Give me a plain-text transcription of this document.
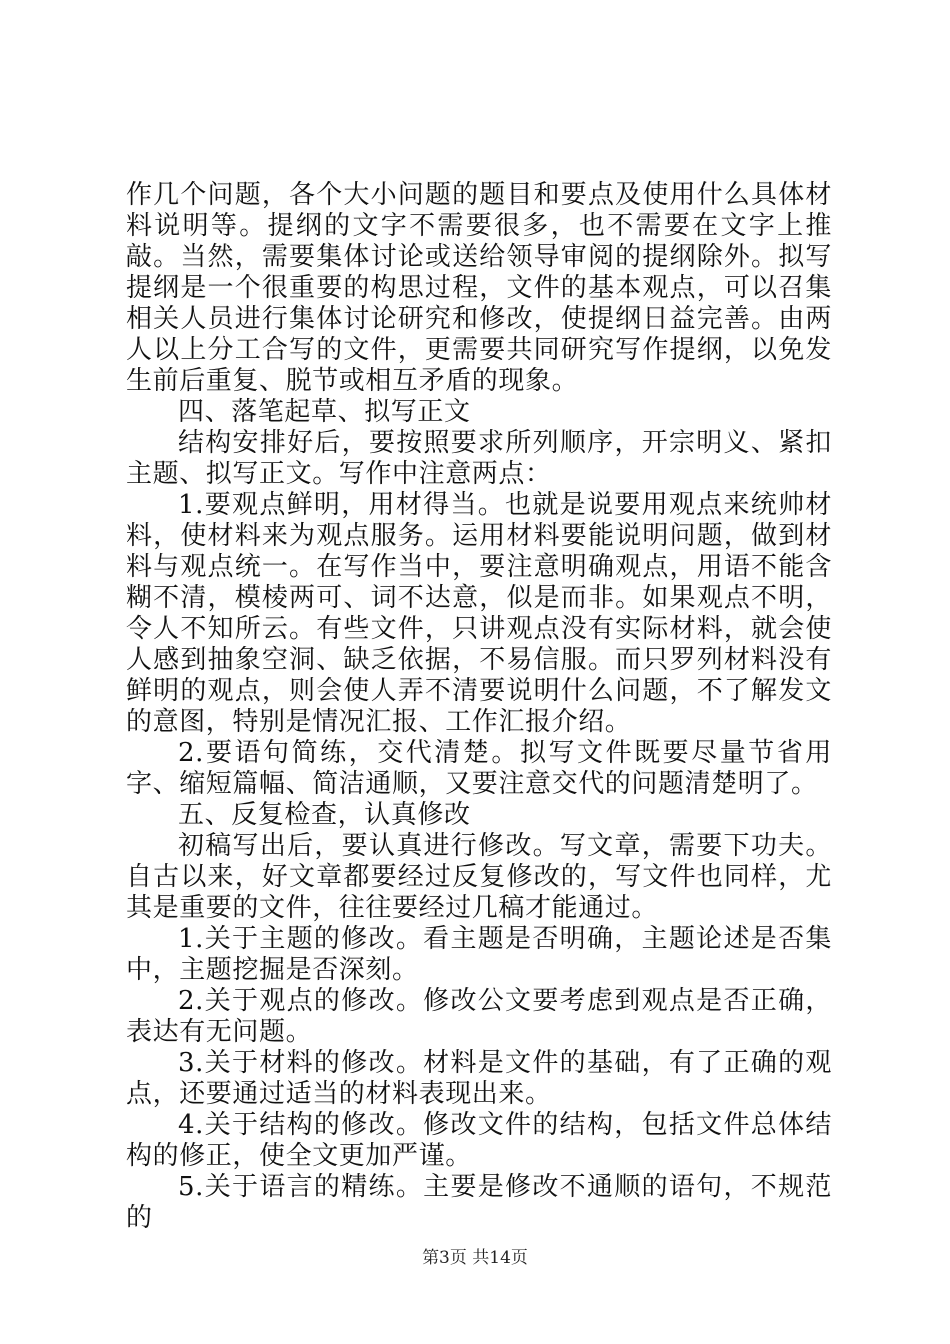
作几个问题，各个大小问题的题目和要点及使用什么具体材料说明等。提纲的文字不需要很多，也不需要在文字上推敲。当然，需要集体讨论或送给领导审阅的提纲除外。拟写提纲是一个很重要的构思过程，文件的基本观点，可以召集相关人员进行集体讨论研究和修改，使提纲日益完善。由两人以上分工合写的文件，更需要共同研究写作提纲，以免发生前后重复、脱节或相互矛盾的现象。

四、落笔起草、拟写正文

结构安排好后，要按照要求所列顺序，开宗明义、紧扣主题、拟写正文。写作中注意两点：

1.要观点鲜明，用材得当。也就是说要用观点来统帅材料，使材料来为观点服务。运用材料要能说明问题，做到材料与观点统一。在写作当中，要注意明确观点，用语不能含糊不清，模棱两可、词不达意，似是而非。如果观点不明，令人不知所云。有些文件，只讲观点没有实际材料，就会使人感到抽象空洞、缺乏依据，不易信服。而只罗列材料没有鲜明的观点，则会使人弄不清要说明什么问题，不了解发文的意图，特别是情况汇报、工作汇报介绍。

2.要语句简练，交代清楚。拟写文件既要尽量节省用字、缩短篇幅、简洁通顺，又要注意交代的问题清楚明了。

五、反复检查，认真修改

初稿写出后，要认真进行修改。写文章，需要下功夫。自古以来，好文章都要经过反复修改的，写文件也同样，尤其是重要的文件，往往要经过几稿才能通过。

1.关于主题的修改。看主题是否明确，主题论述是否集中，主题挖掘是否深刻。

2.关于观点的修改。修改公文要考虑到观点是否正确，表达有无问题。

3.关于材料的修改。材料是文件的基础，有了正确的观点，还要通过适当的材料表现出来。

4.关于结构的修改。修改文件的结构，包括文件总体结构的修正，使全文更加严谨。

5.关于语言的精练。主要是修改不通顺的语句，不规范的

第3页 共14页
